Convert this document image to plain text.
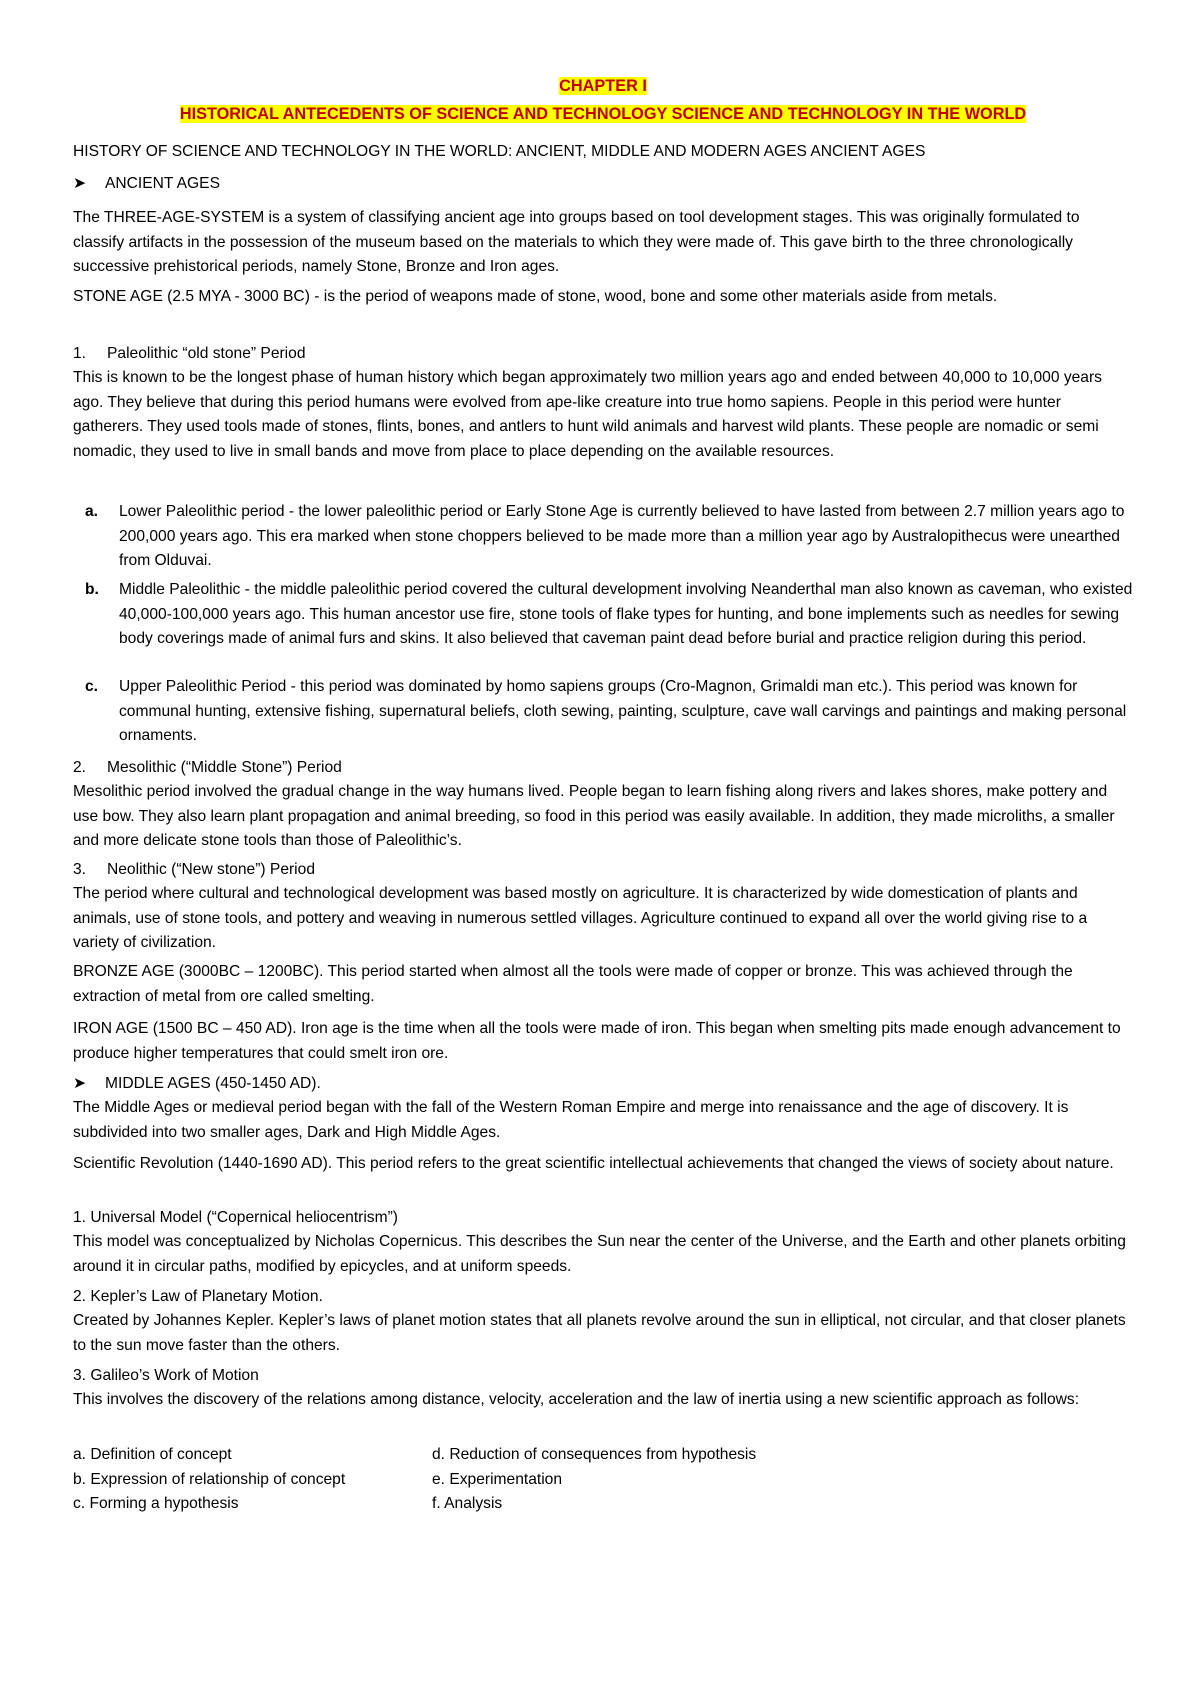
CHAPTER I
HISTORICAL ANTECEDENTS OF SCIENCE AND TECHNOLOGY SCIENCE AND TECHNOLOGY IN THE WORLD

HISTORY OF SCIENCE AND TECHNOLOGY IN THE WORLD: ANCIENT, MIDDLE AND MODERN AGES ANCIENT AGES

➤ ANCIENT AGES

The THREE-AGE-SYSTEM is a system of classifying ancient age into groups based on tool development stages. This was originally formulated to classify artifacts in the possession of the museum based on the materials to which they were made of. This gave birth to the three chronologically successive prehistorical periods, namely Stone, Bronze and Iron ages.

STONE AGE (2.5 MYA - 3000 BC) - is the period of weapons made of stone, wood, bone and some other materials aside from metals.

1. Paleolithic “old stone” Period

This is known to be the longest phase of human history which began approximately two million years ago and ended between 40,000 to 10,000 years ago. They believe that during this period humans were evolved from ape-like creature into true homo sapiens. People in this period were hunter gatherers. They used tools made of stones, flints, bones, and antlers to hunt wild animals and harvest wild plants. These people are nomadic or semi nomadic, they used to live in small bands and move from place to place depending on the available resources.

a. Lower Paleolithic period - the lower paleolithic period or Early Stone Age is currently believed to have lasted from between 2.7 million years ago to 200,000 years ago. This era marked when stone choppers believed to be made more than a million year ago by Australopithecus were unearthed from Olduvai.
b. Middle Paleolithic - the middle paleolithic period covered the cultural development involving Neanderthal man also known as caveman, who existed 40,000-100,000 years ago. This human ancestor use fire, stone tools of flake types for hunting, and bone implements such as needles for sewing body coverings made of animal furs and skins. It also believed that caveman paint dead before burial and practice religion during this period.
c. Upper Paleolithic Period - this period was dominated by homo sapiens groups (Cro-Magnon, Grimaldi man etc.). This period was known for communal hunting, extensive fishing, supernatural beliefs, cloth sewing, painting, sculpture, cave wall carvings and paintings and making personal ornaments.

2. Mesolithic (“Middle Stone”) Period

Mesolithic period involved the gradual change in the way humans lived. People began to learn fishing along rivers and lakes shores, make pottery and use bow. They also learn plant propagation and animal breeding, so food in this period was easily available. In addition, they made microliths, a smaller and more delicate stone tools than those of Paleolithic’s.

3. Neolithic (“New stone”) Period

The period where cultural and technological development was based mostly on agriculture. It is characterized by wide domestication of plants and animals, use of stone tools, and pottery and weaving in numerous settled villages. Agriculture continued to expand all over the world giving rise to a variety of civilization.

BRONZE AGE (3000BC – 1200BC). This period started when almost all the tools were made of copper or bronze. This was achieved through the extraction of metal from ore called smelting.

IRON AGE (1500 BC – 450 AD). Iron age is the time when all the tools were made of iron. This began when smelting pits made enough advancement to produce higher temperatures that could smelt iron ore.

➤ MIDDLE AGES (450-1450 AD).

The Middle Ages or medieval period began with the fall of the Western Roman Empire and merge into renaissance and the age of discovery. It is subdivided into two smaller ages, Dark and High Middle Ages.

Scientific Revolution (1440-1690 AD). This period refers to the great scientific intellectual achievements that changed the views of society about nature.

1. Universal Model (“Copernical heliocentrism”)

This model was conceptualized by Nicholas Copernicus. This describes the Sun near the center of the Universe, and the Earth and other planets orbiting around it in circular paths, modified by epicycles, and at uniform speeds.

2. Kepler’s Law of Planetary Motion.

Created by Johannes Kepler. Kepler’s laws of planet motion states that all planets revolve around the sun in elliptical, not circular, and that closer planets to the sun move faster than the others.

3. Galileo’s Work of Motion

This involves the discovery of the relations among distance, velocity, acceleration and the law of inertia using a new scientific approach as follows:

a. Definition of concept
b. Expression of relationship of concept
c. Forming a hypothesis
d. Reduction of consequences from hypothesis
e. Experimentation
f. Analysis
